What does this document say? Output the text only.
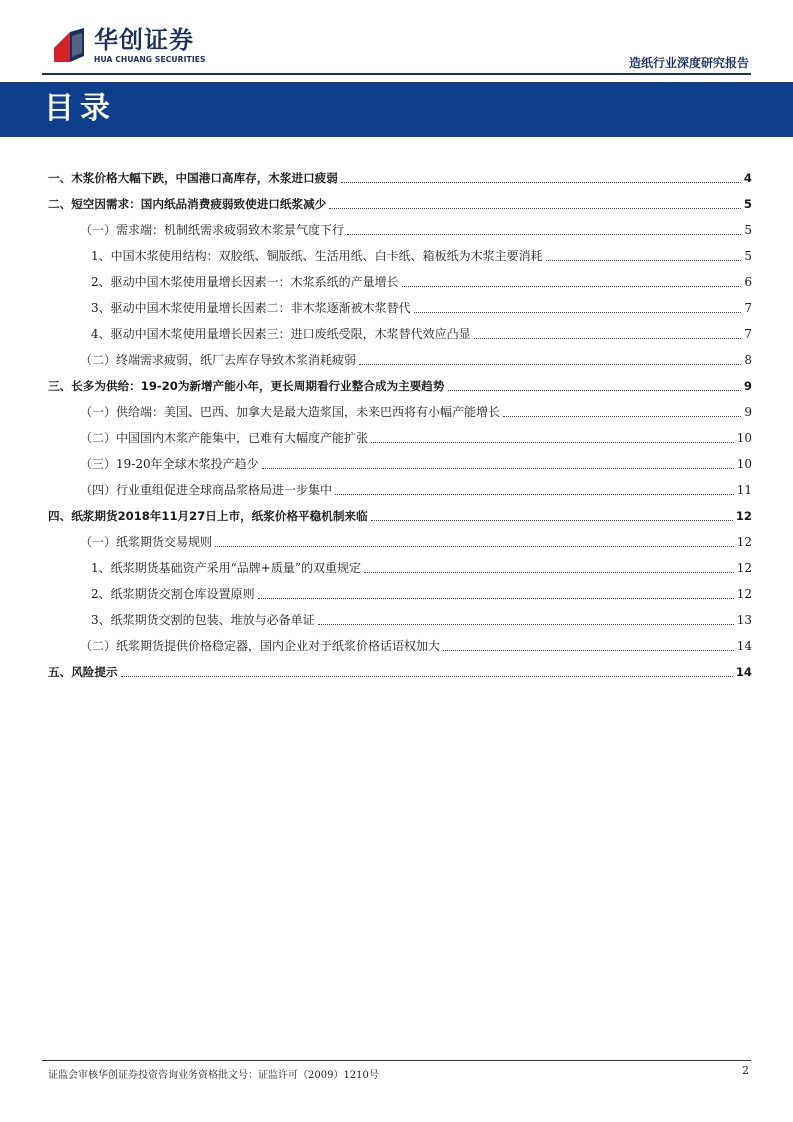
华创证券
HUA CHUANG SECURITIES	造纸行业深度研究报告
目录
一、木浆价格大幅下跌，中国港口高库存，木浆进口疲弱	4
二、短空因需求：国内纸品消费疲弱致使进口纸浆减少	5
（一）需求端：机制纸需求疲弱致木浆景气度下行	5
1、中国木浆使用结构：双胶纸、铜版纸、生活用纸、白卡纸、箱板纸为木浆主要消耗	5
2、驱动中国木浆使用量增长因素一：木浆系纸的产量增长	6
3、驱动中国木浆使用量增长因素二：非木浆逐渐被木浆替代	7
4、驱动中国木浆使用量增长因素三：进口废纸受限，木浆替代效应凸显	7
（二）终端需求疲弱，纸厂去库存导致木浆消耗疲弱	8
三、长多为供给：19-20为新增产能小年，更长周期看行业整合成为主要趋势	9
（一）供给端：美国、巴西、加拿大是最大造浆国，未来巴西将有小幅产能增长	9
（二）中国国内木浆产能集中，已难有大幅度产能扩张	10
（三）19-20年全球木浆投产趋少	10
（四）行业重组促进全球商品浆格局进一步集中	11
四、纸浆期货2018年11月27日上市，纸浆价格平稳机制来临	12
（一）纸浆期货交易规则	12
1、纸浆期货基础资产采用“品牌+质量”的双重规定	12
2、纸浆期货交割仓库设置原则	12
3、纸浆期货交割的包装、堆放与必备单证	13
（二）纸浆期货提供价格稳定器，国内企业对于纸浆价格话语权加大	14
五、风险提示	14
证监会审核华创证券投资咨询业务资格批文号：证监许可（2009）1210号	2
